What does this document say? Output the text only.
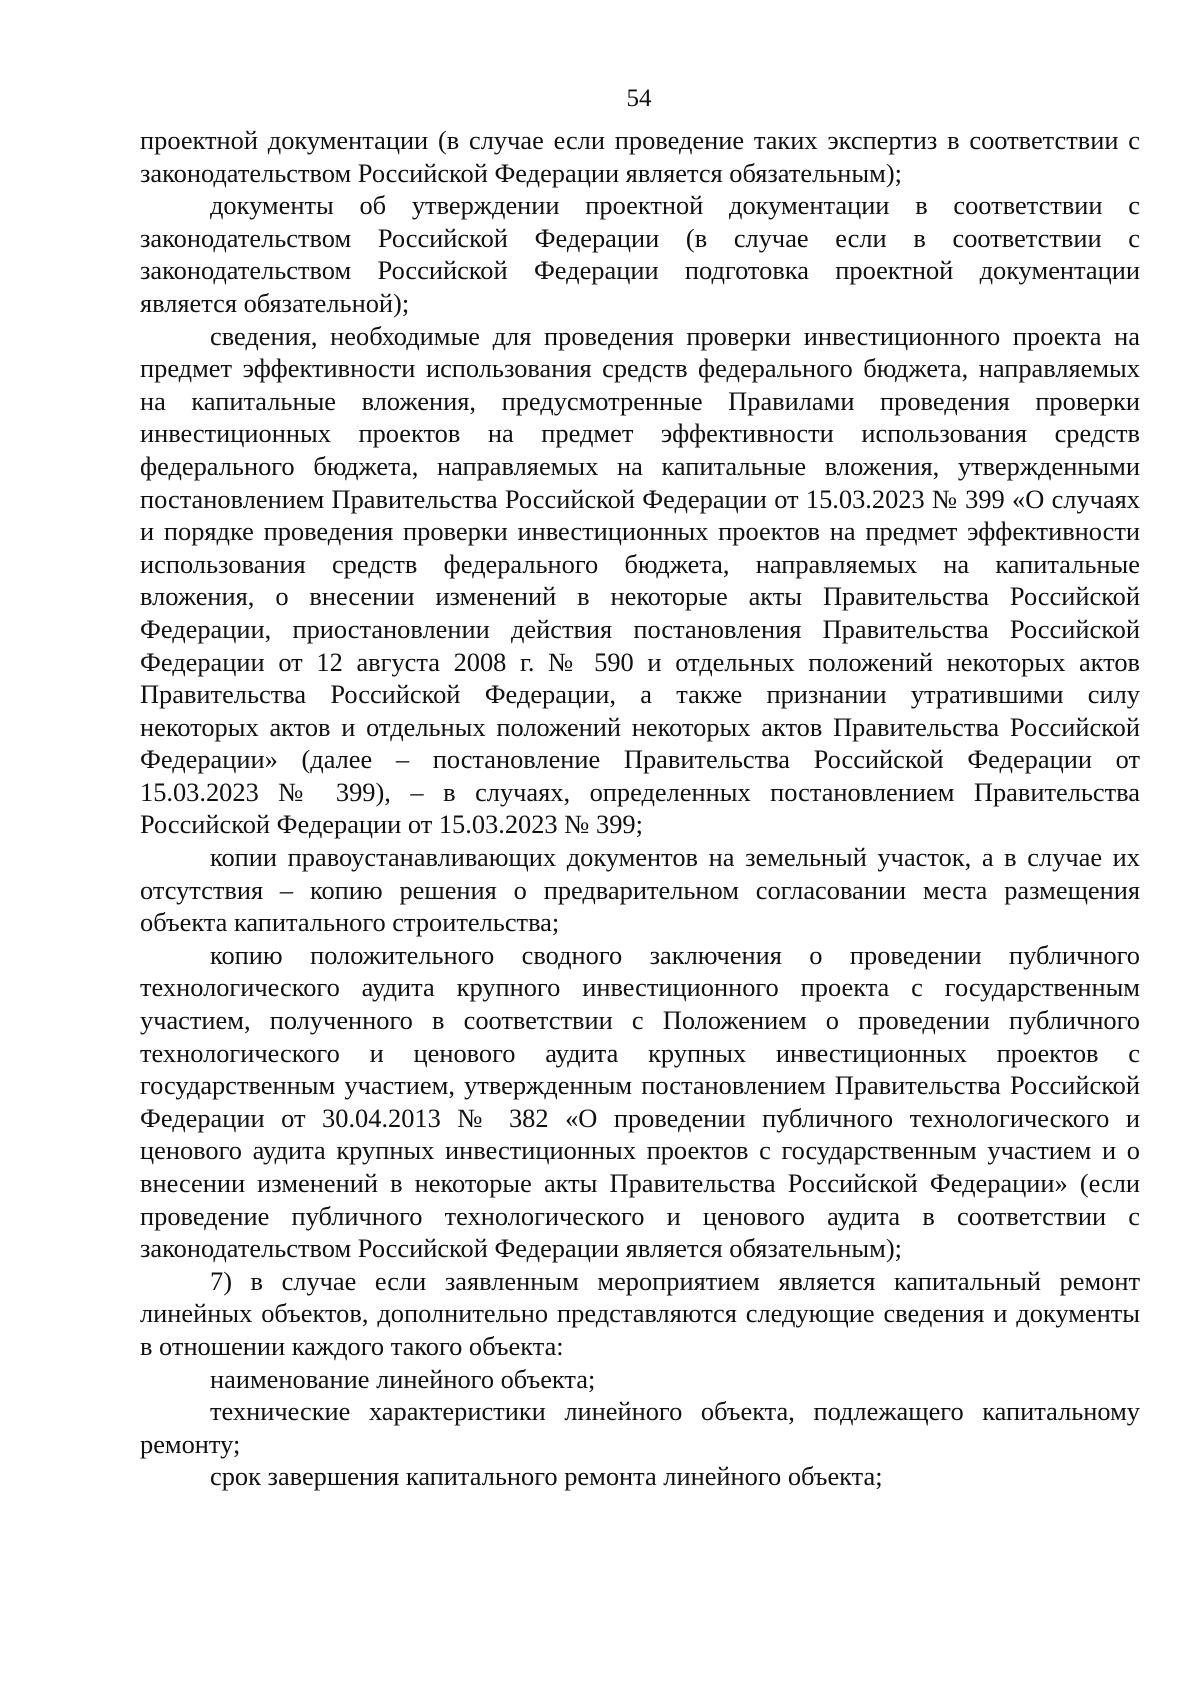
54

проектной документации (в случае если проведение таких экспертиз в соответствии с законодательством Российской Федерации является обязательным);

документы об утверждении проектной документации в соответствии с законодательством Российской Федерации (в случае если в соответствии с законодательством Российской Федерации подготовка проектной документации является обязательной);

сведения, необходимые для проведения проверки инвестиционного проекта на предмет эффективности использования средств федерального бюджета, направляемых на капитальные вложения, предусмотренные Правилами проведения проверки инвестиционных проектов на предмет эффективности использования средств федерального бюджета, направляемых на капитальные вложения, утвержденными постановлением Правительства Российской Федерации от 15.03.2023 № 399 «О случаях и порядке проведения проверки инвестиционных проектов на предмет эффективности использования средств федерального бюджета, направляемых на капитальные вложения, о внесении изменений в некоторые акты Правительства Российской Федерации, приостановлении действия постановления Правительства Российской Федерации от 12 августа 2008 г. № 590 и отдельных положений некоторых актов Правительства Российской Федерации, а также признании утратившими силу некоторых актов и отдельных положений некоторых актов Правительства Российской Федерации» (далее – постановление Правительства Российской Федерации от 15.03.2023 № 399), – в случаях, определенных постановлением Правительства Российской Федерации от 15.03.2023 № 399;

копии правоустанавливающих документов на земельный участок, а в случае их отсутствия – копию решения о предварительном согласовании места размещения объекта капитального строительства;

копию положительного сводного заключения о проведении публичного технологического аудита крупного инвестиционного проекта с государственным участием, полученного в соответствии с Положением о проведении публичного технологического и ценового аудита крупных инвестиционных проектов с государственным участием, утвержденным постановлением Правительства Российской Федерации от 30.04.2013 № 382 «О проведении публичного технологического и ценового аудита крупных инвестиционных проектов с государственным участием и о внесении изменений в некоторые акты Правительства Российской Федерации» (если проведение публичного технологического и ценового аудита в соответствии с законодательством Российской Федерации является обязательным);

7) в случае если заявленным мероприятием является капитальный ремонт линейных объектов, дополнительно представляются следующие сведения и документы в отношении каждого такого объекта:

наименование линейного объекта;

технические характеристики линейного объекта, подлежащего капитальному ремонту;

срок завершения капитального ремонта линейного объекта;
